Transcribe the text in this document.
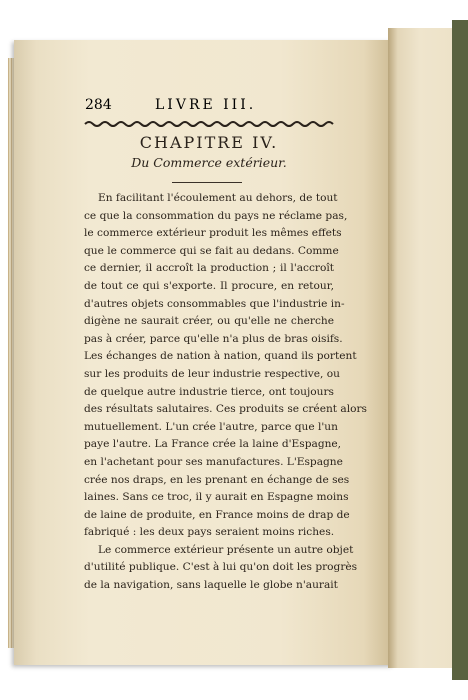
284	LIVRE III.
CHAPITRE IV.
Du Commerce extérieur.
En facilitant l'écoulement au dehors, de tout
ce que la consommation du pays ne réclame pas,
le commerce extérieur produit les mêmes effets
que le commerce qui se fait au dedans. Comme
ce dernier, il accroît la production ; il l'accroît
de tout ce qui s'exporte. Il procure, en retour,
d'autres objets consommables que l'industrie in-
digène ne saurait créer, ou qu'elle ne cherche
pas à créer, parce qu'elle n'a plus de bras oisifs.
Les échanges de nation à nation, quand ils portent
sur les produits de leur industrie respective, ou
de quelque autre industrie tierce, ont toujours
des résultats salutaires. Ces produits se créent alors
mutuellement. L'un crée l'autre, parce que l'un
paye l'autre. La France crée la laine d'Espagne,
en l'achetant pour ses manufactures. L'Espagne
crée nos draps, en les prenant en échange de ses
laines. Sans ce troc, il y aurait en Espagne moins
de laine de produite, en France moins de drap de
fabriqué : les deux pays seraient moins riches.
Le commerce extérieur présente un autre objet
d'utilité publique. C'est à lui qu'on doit les progrès
de la navigation, sans laquelle le globe n'aurait
